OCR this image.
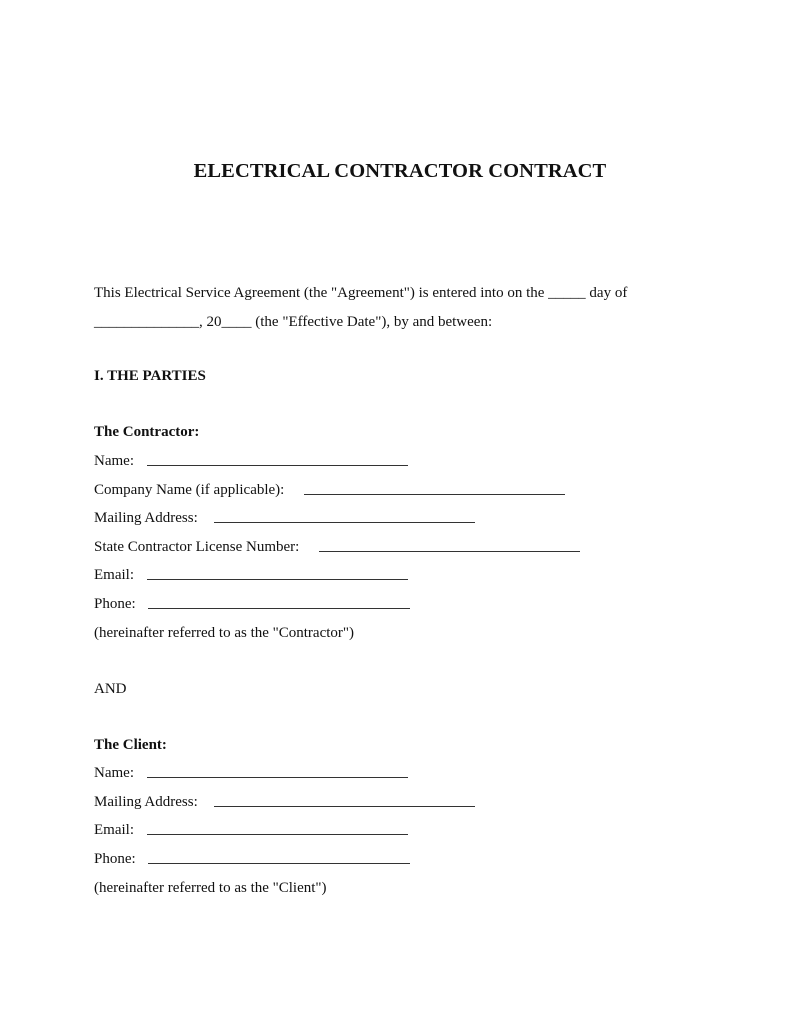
ELECTRICAL CONTRACTOR CONTRACT
This Electrical Service Agreement (the "Agreement") is entered into on the _____ day of
______________, 20____ (the "Effective Date"), by and between:
I. THE PARTIES
The Contractor:
Name:
Company Name (if applicable):
Mailing Address:
State Contractor License Number:
Email:
Phone:
(hereinafter referred to as the "Contractor")
AND
The Client:
Name:
Mailing Address:
Email:
Phone:
(hereinafter referred to as the "Client")
